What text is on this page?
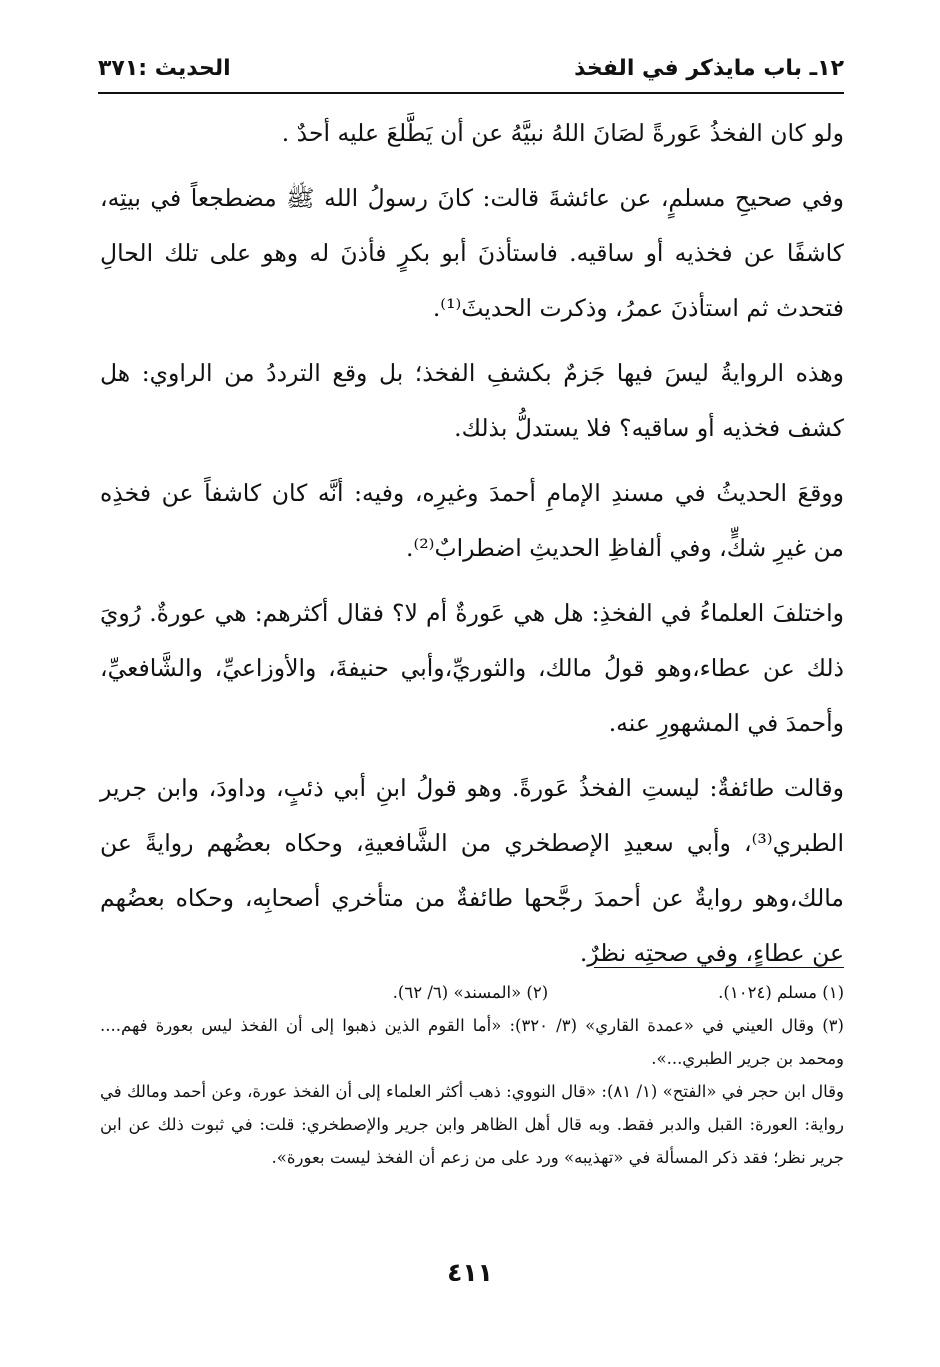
١٢ـ باب مايذكر في الفخذ
الحديث :٣٧١

ولو كان الفخذُ عَورةً لصَانَ اللهُ نبيَّهُ عن أن يَطَّلعَ عليه أحدٌ .

وفي صحيحِ مسلمٍ، عن عائشةَ قالت: كانَ رسولُ الله ﷺ مضطجعاً في بيتِه، كاشفًا عن فخذيه أو ساقيه. فاستأذنَ أبو بكرٍ فأذنَ له وهو على تلك الحالِ فتحدث ثم استأذنَ عمرُ، وذكرت الحديثَ⁽¹⁾.

وهذه الروايةُ ليسَ فيها جَزمٌ بكشفِ الفخذ؛ بل وقع الترددُ من الراوي: هل كشف فخذيه أو ساقيه؟ فلا يستدلُّ بذلك.

ووقعَ الحديثُ في مسندِ الإمامِ أحمدَ وغيرِه، وفيه: أنَّه كان كاشفاً عن فخذِه من غيرِ شكٍّ، وفي ألفاظِ الحديثِ اضطرابٌ⁽²⁾.

واختلفَ العلماءُ في الفخذِ: هل هي عَورةٌ أم لا؟ فقال أكثرهم: هي عورةٌ. رُويَ ذلك عن عطاء،وهو قولُ مالك، والثوريِّ،وأبي حنيفةَ، والأوزاعيِّ، والشَّافعيِّ، وأحمدَ في المشهورِ عنه.

وقالت طائفةٌ: ليستِ الفخذُ عَورةً. وهو قولُ ابنِ أبي ذئبٍ، وداودَ، وابن جرير الطبري⁽³⁾، وأبي سعيدِ الإصطخري من الشَّافعيةِ، وحكاه بعضُهم روايةً عن مالك،وهو روايةٌ عن أحمدَ رجَّحها طائفةٌ من متأخري أصحابِه، وحكاه بعضُهم عن عطاءٍ، وفي صحتِه نظرٌ.

(١) مسلم (١٠٢٤).
(٢) «المسند» (٦/ ٦٢).

(٣) وقال العيني في «عمدة القاري» (٣/ ٣٢٠): «أما القوم الذين ذهبوا إلى أن الفخذ ليس بعورة فهم.... ومحمد بن جرير الطبري...».

وقال ابن حجر في «الفتح» (١/ ٨١): «قال النووي: ذهب أكثر العلماء إلى أن الفخذ عورة، وعن أحمد ومالك في رواية: العورة: القبل والدبر فقط. وبه قال أهل الظاهر وابن جرير والإصطخري: قلت: في ثبوت ذلك عن ابن جرير نظر؛ فقد ذكر المسألة في «تهذيبه» ورد على من زعم أن الفخذ ليست بعورة».

٤١١
